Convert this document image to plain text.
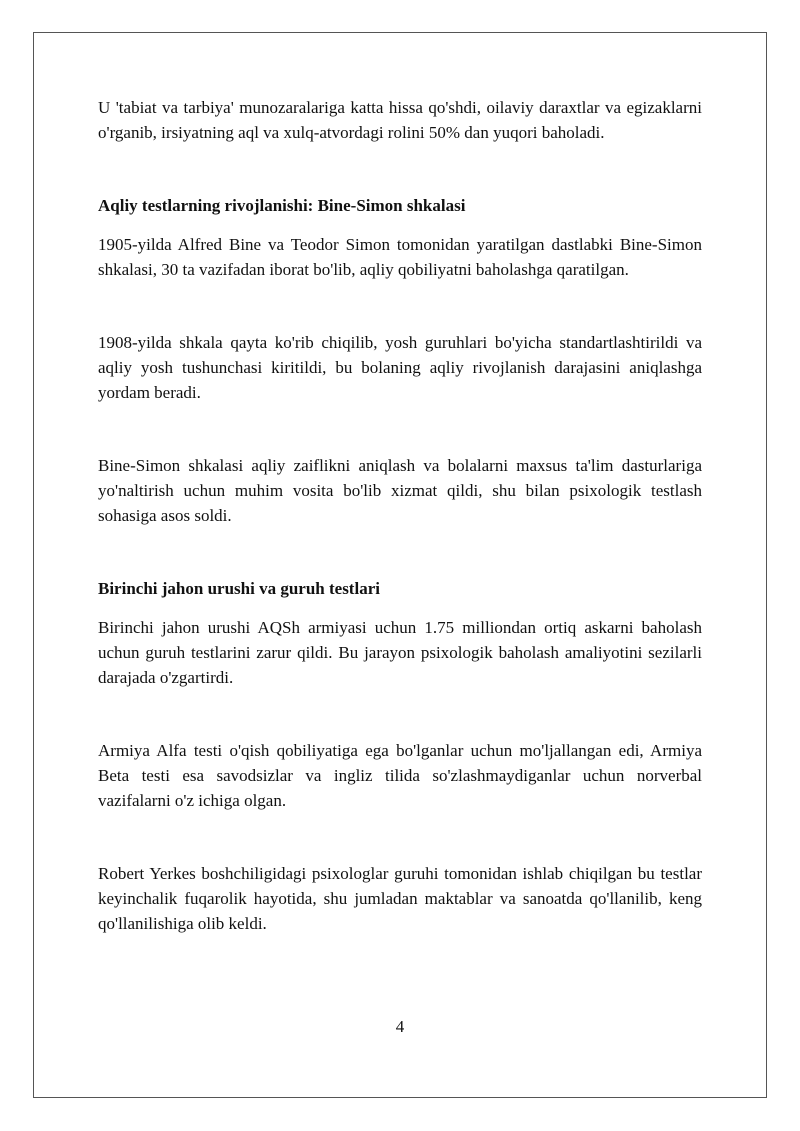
U 'tabiat va tarbiya' munozaralariga katta hissa qo'shdi, oilaviy daraxtlar va egizaklarni o'rganib, irsiyatning aql va xulq-atvordagi rolini 50% dan yuqori baholadi.

Aqliy testlarning rivojlanishi: Bine-Simon shkalasi

1905-yilda Alfred Bine va Teodor Simon tomonidan yaratilgan dastlabki Bine-Simon shkalasi, 30 ta vazifadan iborat bo'lib, aqliy qobiliyatni baholashga qaratilgan.

1908-yilda shkala qayta ko'rib chiqilib, yosh guruhlari bo'yicha standartlashtirildi va aqliy yosh tushunchasi kiritildi, bu bolaning aqliy rivojlanish darajasini aniqlashga yordam beradi.

Bine-Simon shkalasi aqliy zaiflikni aniqlash va bolalarni maxsus ta'lim dasturlariga yo'naltirish uchun muhim vosita bo'lib xizmat qildi, shu bilan psixologik testlash sohasiga asos soldi.

Birinchi jahon urushi va guruh testlari

Birinchi jahon urushi AQSh armiyasi uchun 1.75 milliondan ortiq askarni baholash uchun guruh testlarini zarur qildi. Bu jarayon psixologik baholash amaliyotini sezilarli darajada o'zgartirdi.

Armiya Alfa testi o'qish qobiliyatiga ega bo'lganlar uchun mo'ljallangan edi, Armiya Beta testi esa savodsizlar va ingliz tilida so'zlashmaydiganlar uchun norverbal vazifalarni o'z ichiga olgan.

Robert Yerkes boshchiligidagi psixologlar guruhi tomonidan ishlab chiqilgan bu testlar keyinchalik fuqarolik hayotida, shu jumladan maktablar va sanoatda qo'llanilib, keng qo'llanilishiga olib keldi.

4
